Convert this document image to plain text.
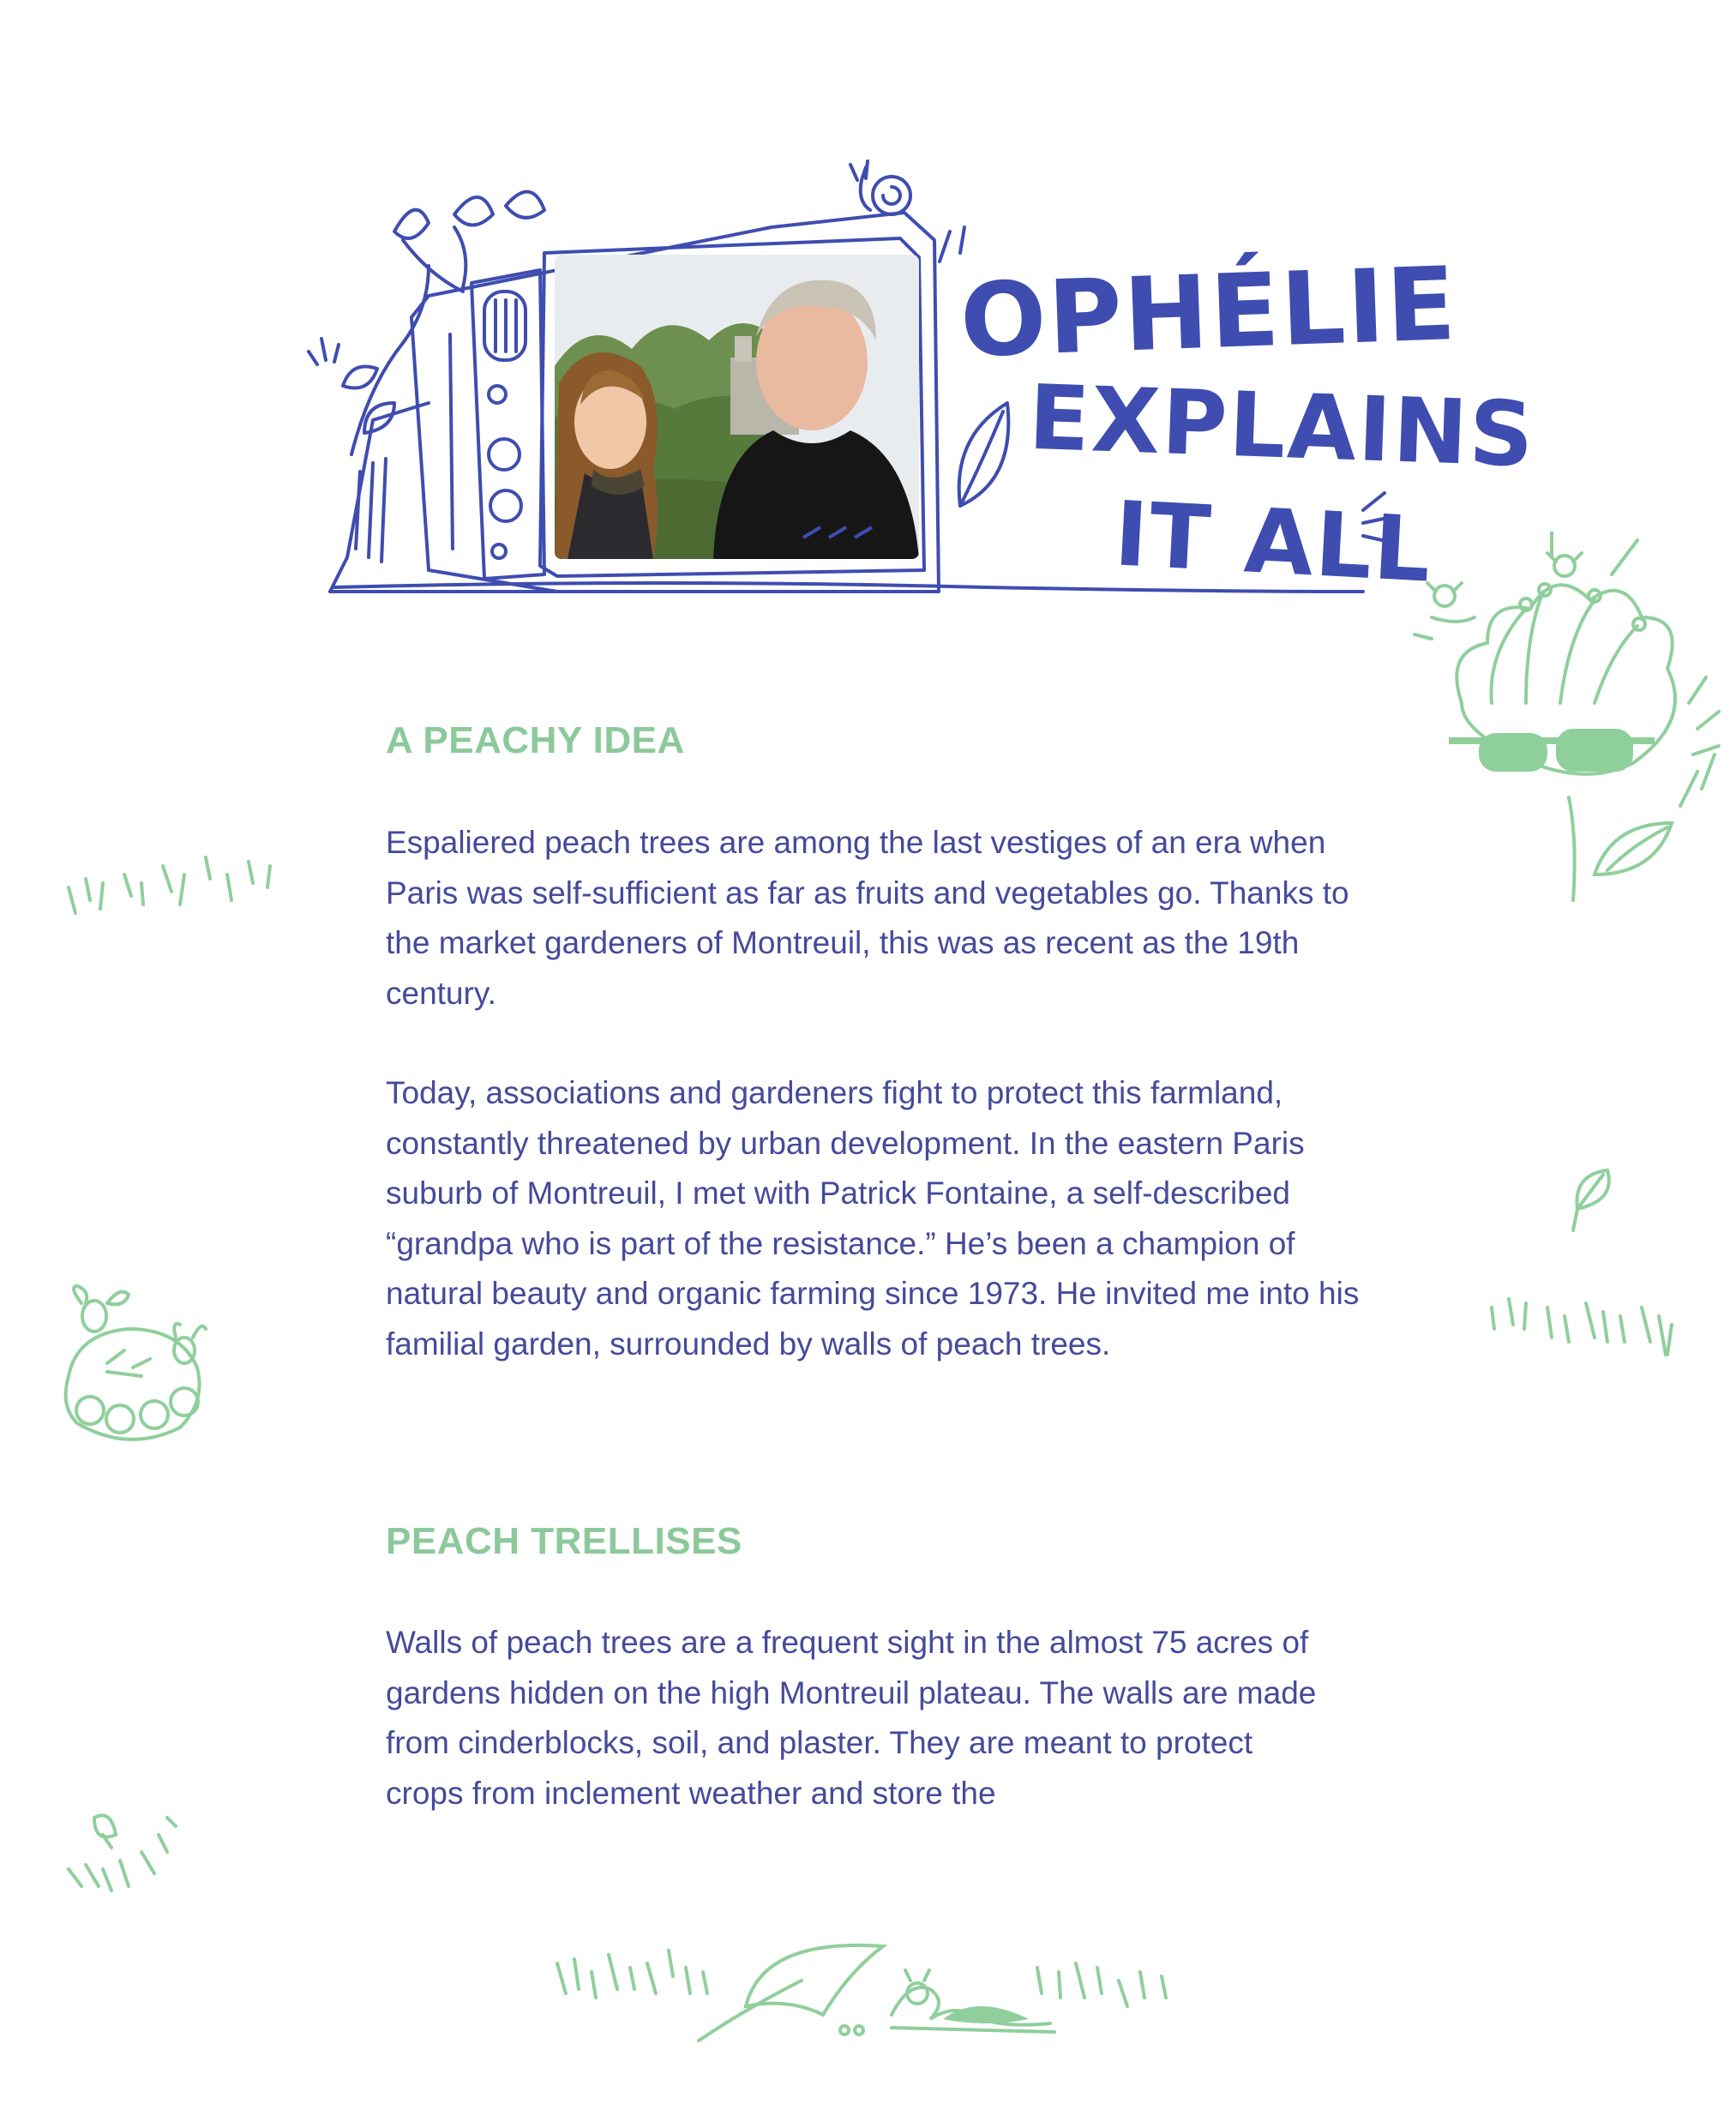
OPHÉLIE
EXPLAINS
IT ALL
A PEACHY IDEA

Espaliered peach trees are among the last vestiges of an era when Paris was self-sufficient as far as fruits and vegetables go. Thanks to the market gardeners of Montreuil, this was as recent as the 19th century.

Today, associations and gardeners fight to protect this farmland, constantly threatened by urban development. In the eastern Paris suburb of Montreuil, I met with Patrick Fontaine, a self-described “grandpa who is part of the resistance.” He’s been a champion of natural beauty and organic farming since 1973. He invited me into his familial garden, surrounded by walls of peach trees.

PEACH TRELLISES

Walls of peach trees are a frequent sight in the almost 75 acres of gardens hidden on the high Montreuil plateau. The walls are made from cinderblocks, soil, and plaster. They are meant to protect crops from inclement weather and store the
